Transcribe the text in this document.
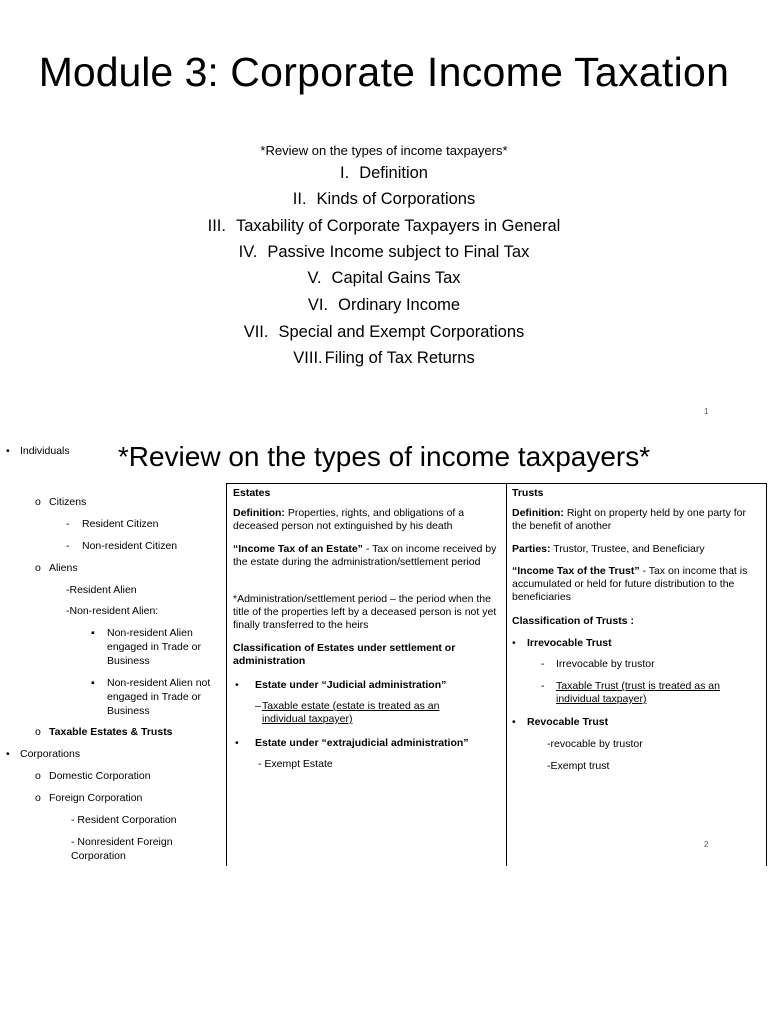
Module 3: Corporate Income Taxation
*Review on the types of income taxpayers*
I. Definition
II. Kinds of Corporations
III. Taxability of Corporate Taxpayers in General
IV. Passive Income subject to Final Tax
V. Capital Gains Tax
VI. Ordinary Income
VII. Special and Exempt Corporations
VIII. Filing of Tax Returns
1
*Review on the types of income taxpayers*
• Individuals
o Citizens
- Resident Citizen
- Non-resident Citizen
o Aliens
-Resident Alien
-Non-resident Alien:
▪ Non-resident Alien engaged in Trade or Business
▪ Non-resident Alien not engaged in Trade or Business
o Taxable Estates & Trusts
• Corporations
o Domestic Corporation
o Foreign Corporation
- Resident Corporation
- Nonresident Foreign Corporation
Estates
Definition: Properties, rights, and obligations of a deceased person not extinguished by his death
“Income Tax of an Estate” - Tax on income received by the estate during the administration/settlement period
*Administration/settlement period – the period when the title of the properties left by a deceased person is not yet finally transferred to the heirs
Classification of Estates under settlement or administration
• Estate under “Judicial administration”
– Taxable estate (estate is treated as an individual taxpayer)
• Estate under “extrajudicial administration”
- Exempt Estate
Trusts
Definition: Right on property held by one party for the benefit of another
Parties: Trustor, Trustee, and Beneficiary
“Income Tax of the Trust” - Tax on income that is accumulated or held for future distribution to the beneficiaries
Classification of Trusts :
• Irrevocable Trust
- Irrevocable by trustor
- Taxable Trust (trust is treated as an individual taxpayer)
• Revocable Trust
-revocable by trustor
-Exempt trust
2
